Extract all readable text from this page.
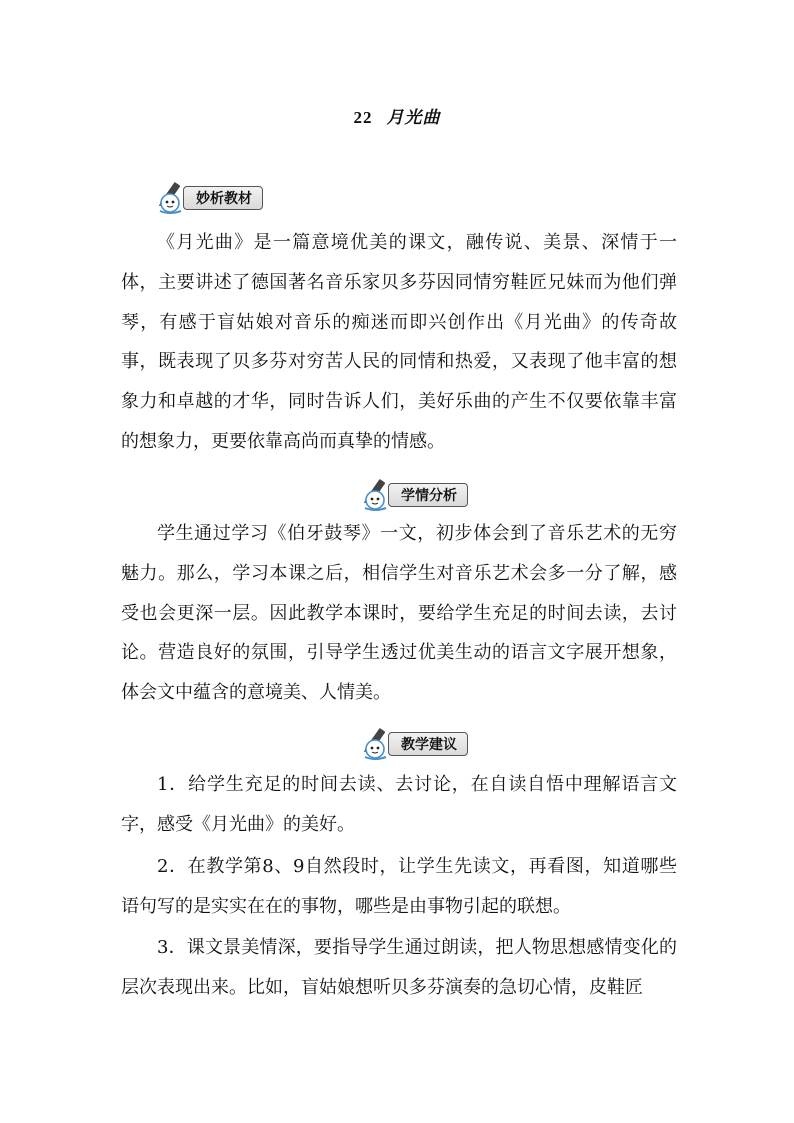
22 月光曲
妙析教材

《月光曲》是一篇意境优美的课文，融传说、美景、深情于一体，主要讲述了德国著名音乐家贝多芬因同情穷鞋匠兄妹而为他们弹琴，有感于盲姑娘对音乐的痴迷而即兴创作出《月光曲》的传奇故事，既表现了贝多芬对穷苦人民的同情和热爱，又表现了他丰富的想象力和卓越的才华，同时告诉人们，美好乐曲的产生不仅要依靠丰富的想象力，更要依靠高尚而真挚的情感。

学情分析

学生通过学习《伯牙鼓琴》一文，初步体会到了音乐艺术的无穷魅力。那么，学习本课之后，相信学生对音乐艺术会多一分了解，感受也会更深一层。因此教学本课时，要给学生充足的时间去读，去讨论。营造良好的氛围，引导学生透过优美生动的语言文字展开想象，体会文中蕴含的意境美、人情美。

教学建议

1．给学生充足的时间去读、去讨论，在自读自悟中理解语言文字，感受《月光曲》的美好。

2．在教学第8、9自然段时，让学生先读文，再看图，知道哪些语句写的是实实在在的事物，哪些是由事物引起的联想。

3．课文景美情深，要指导学生通过朗读，把人物思想感情变化的层次表现出来。比如，盲姑娘想听贝多芬演奏的急切心情，皮鞋匠
